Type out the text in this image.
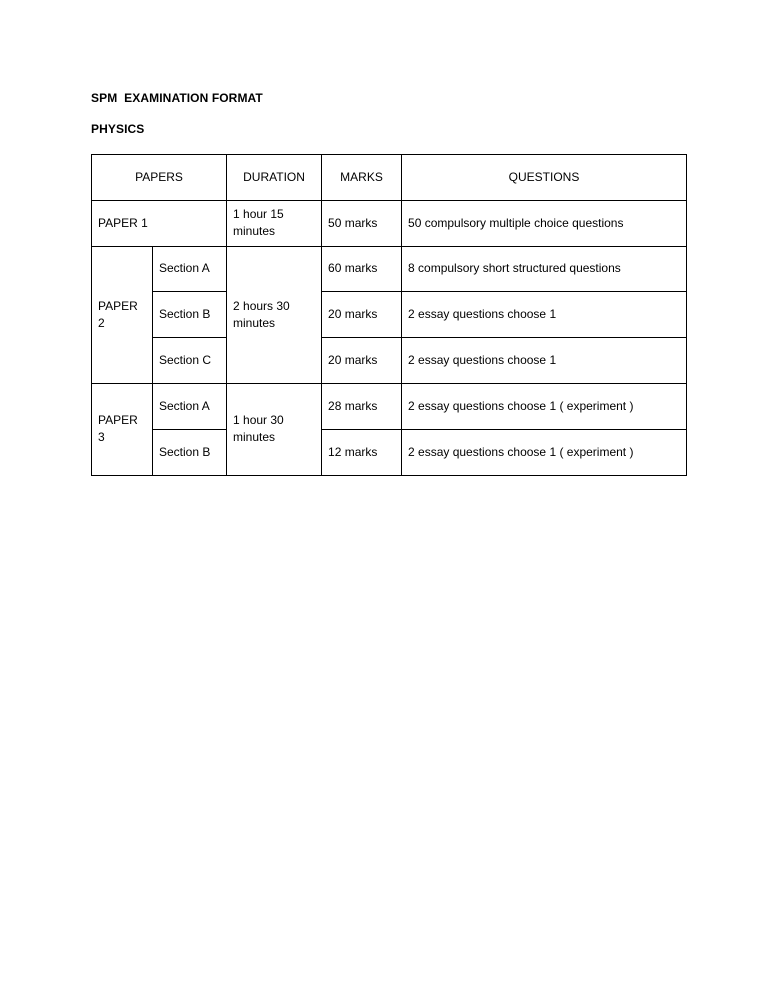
SPM  EXAMINATION FORMAT
PHYSICS
PAPERS		DURATION	MARKS	QUESTIONS
PAPER 1		1 hour 15 minutes	50 marks	50 compulsory multiple choice questions
PAPER 2	Section A	2 hours 30 minutes	60 marks	8 compulsory short structured questions
	Section B		20 marks	2 essay questions choose 1
	Section C		20 marks	2 essay questions choose 1
PAPER 3	Section A	1 hour 30 minutes	28 marks	2 essay questions choose 1 ( experiment )
	Section B		12 marks	2 essay questions choose 1 ( experiment )
